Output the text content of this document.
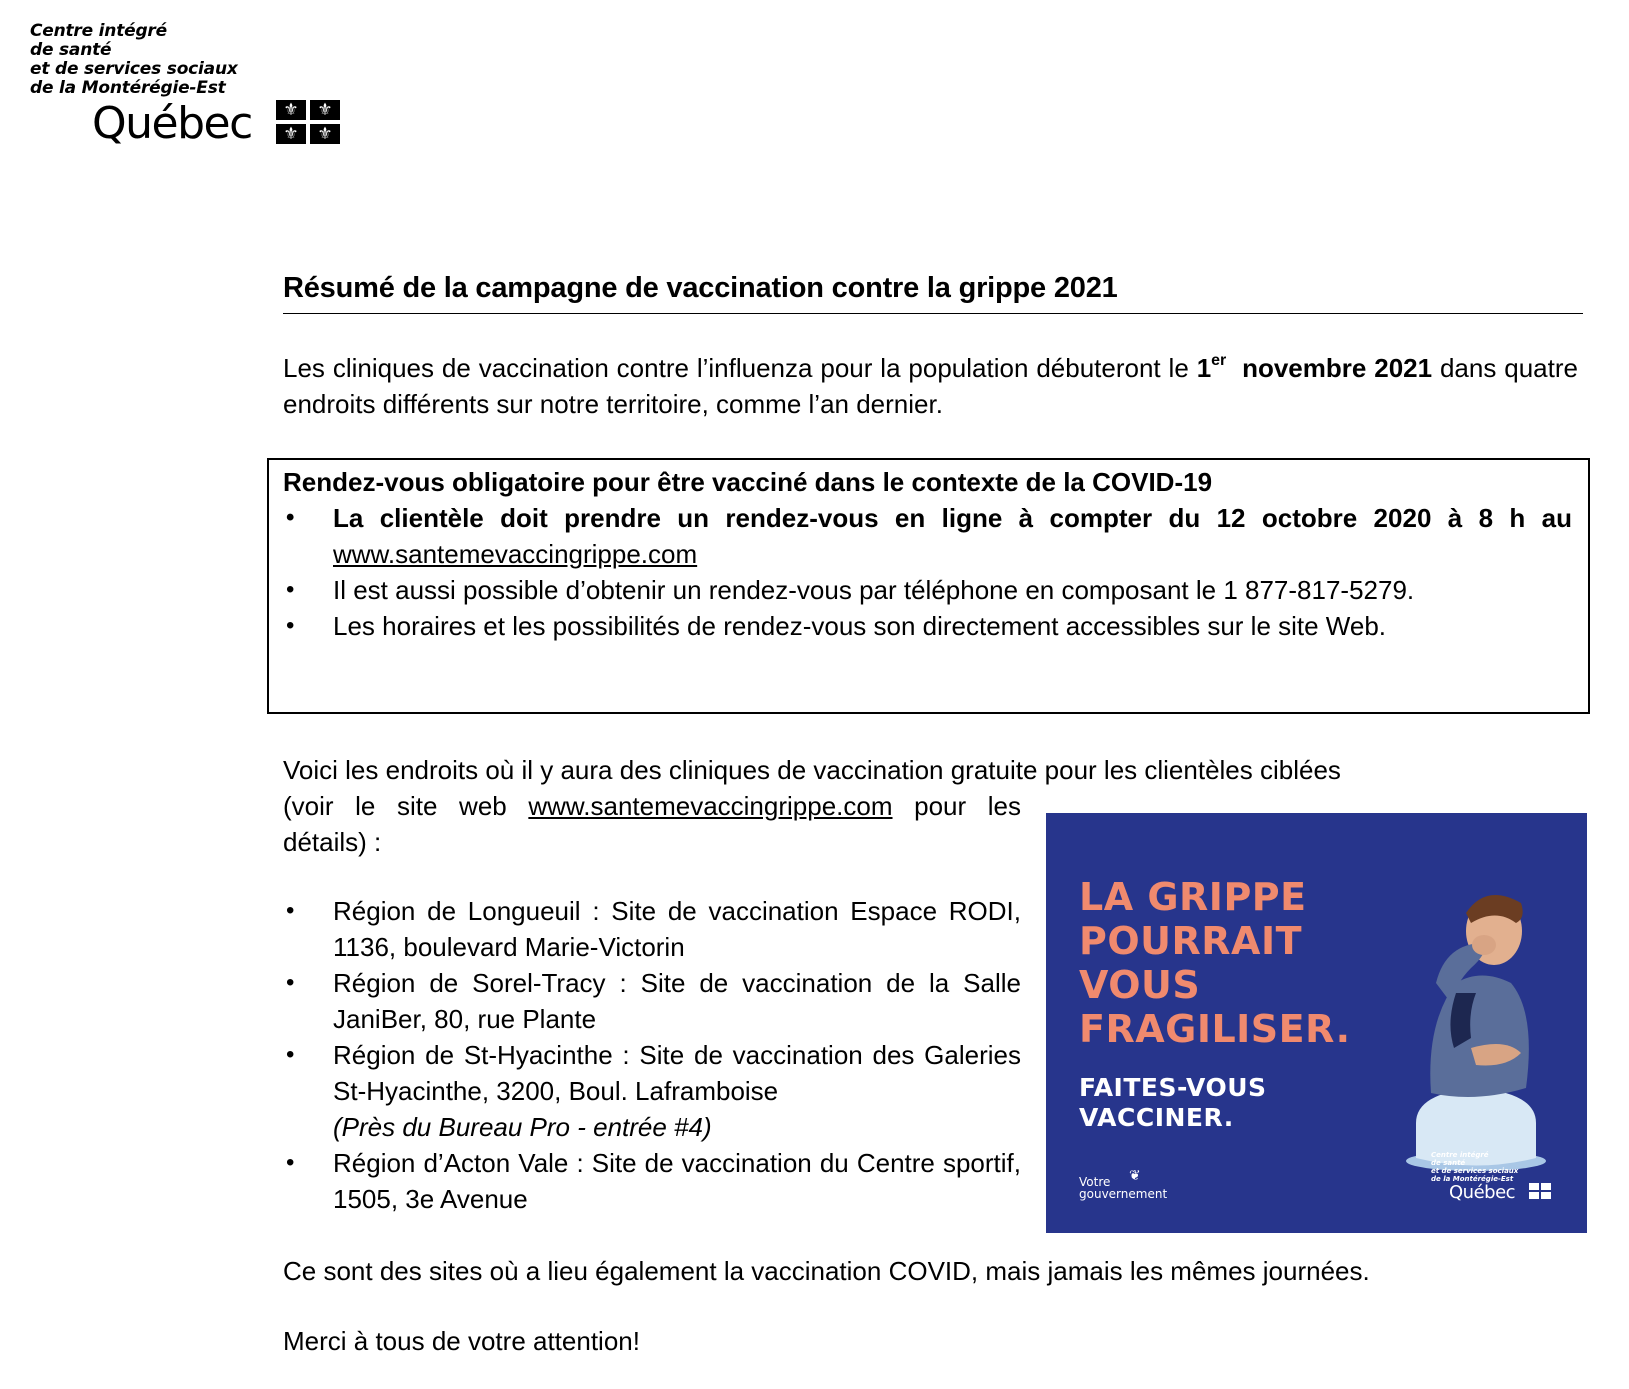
Centre intégré
de santé
et de services sociaux
de la Montérégie-Est
Québec	⚜	⚜
⚜	⚜
Résumé de la campagne de vaccination contre la grippe 2021
Les cliniques de vaccination contre l’influenza pour la population débuteront le 1er  novembre 2021 dans quatre endroits différents sur notre territoire, comme l’an dernier.
Rendez-vous obligatoire pour être vacciné dans le contexte de la COVID-19
• La clientèle doit prendre un rendez-vous en ligne à compter du 12 octobre 2020 à 8 h au www.santemevaccingrippe.com
• Il est aussi possible d’obtenir un rendez-vous par téléphone en composant le 1 877-817-5279.
• Les horaires et les possibilités de rendez-vous son directement accessibles sur le site Web.
Voici les endroits où il y aura des cliniques de vaccination gratuite pour les clientèles ciblées
(voir le site web www.santemevaccingrippe.com pour les détails) :
• Région de Longueuil : Site de vaccination Espace RODI, 1136, boulevard Marie-Victorin
• Région de Sorel-Tracy : Site de vaccination de la Salle JaniBer, 80, rue Plante
• Région de St-Hyacinthe : Site de vaccination des Galeries St-Hyacinthe, 3200, Boul. Laframboise
(Près du Bureau Pro - entrée #4)
• Région d’Acton Vale : Site de vaccination du Centre sportif, 1505, 3e Avenue
LA GRIPPE
POURRAIT
VOUS
FRAGILISER.
FAITES-VOUS
VACCINER.
❦
Votre
gouvernement
Centre intégré
de santé
et de services sociaux
de la Montérégie-Est
Québec
Ce sont des sites où a lieu également la vaccination COVID, mais jamais les mêmes journées.
Merci à tous de votre attention!
